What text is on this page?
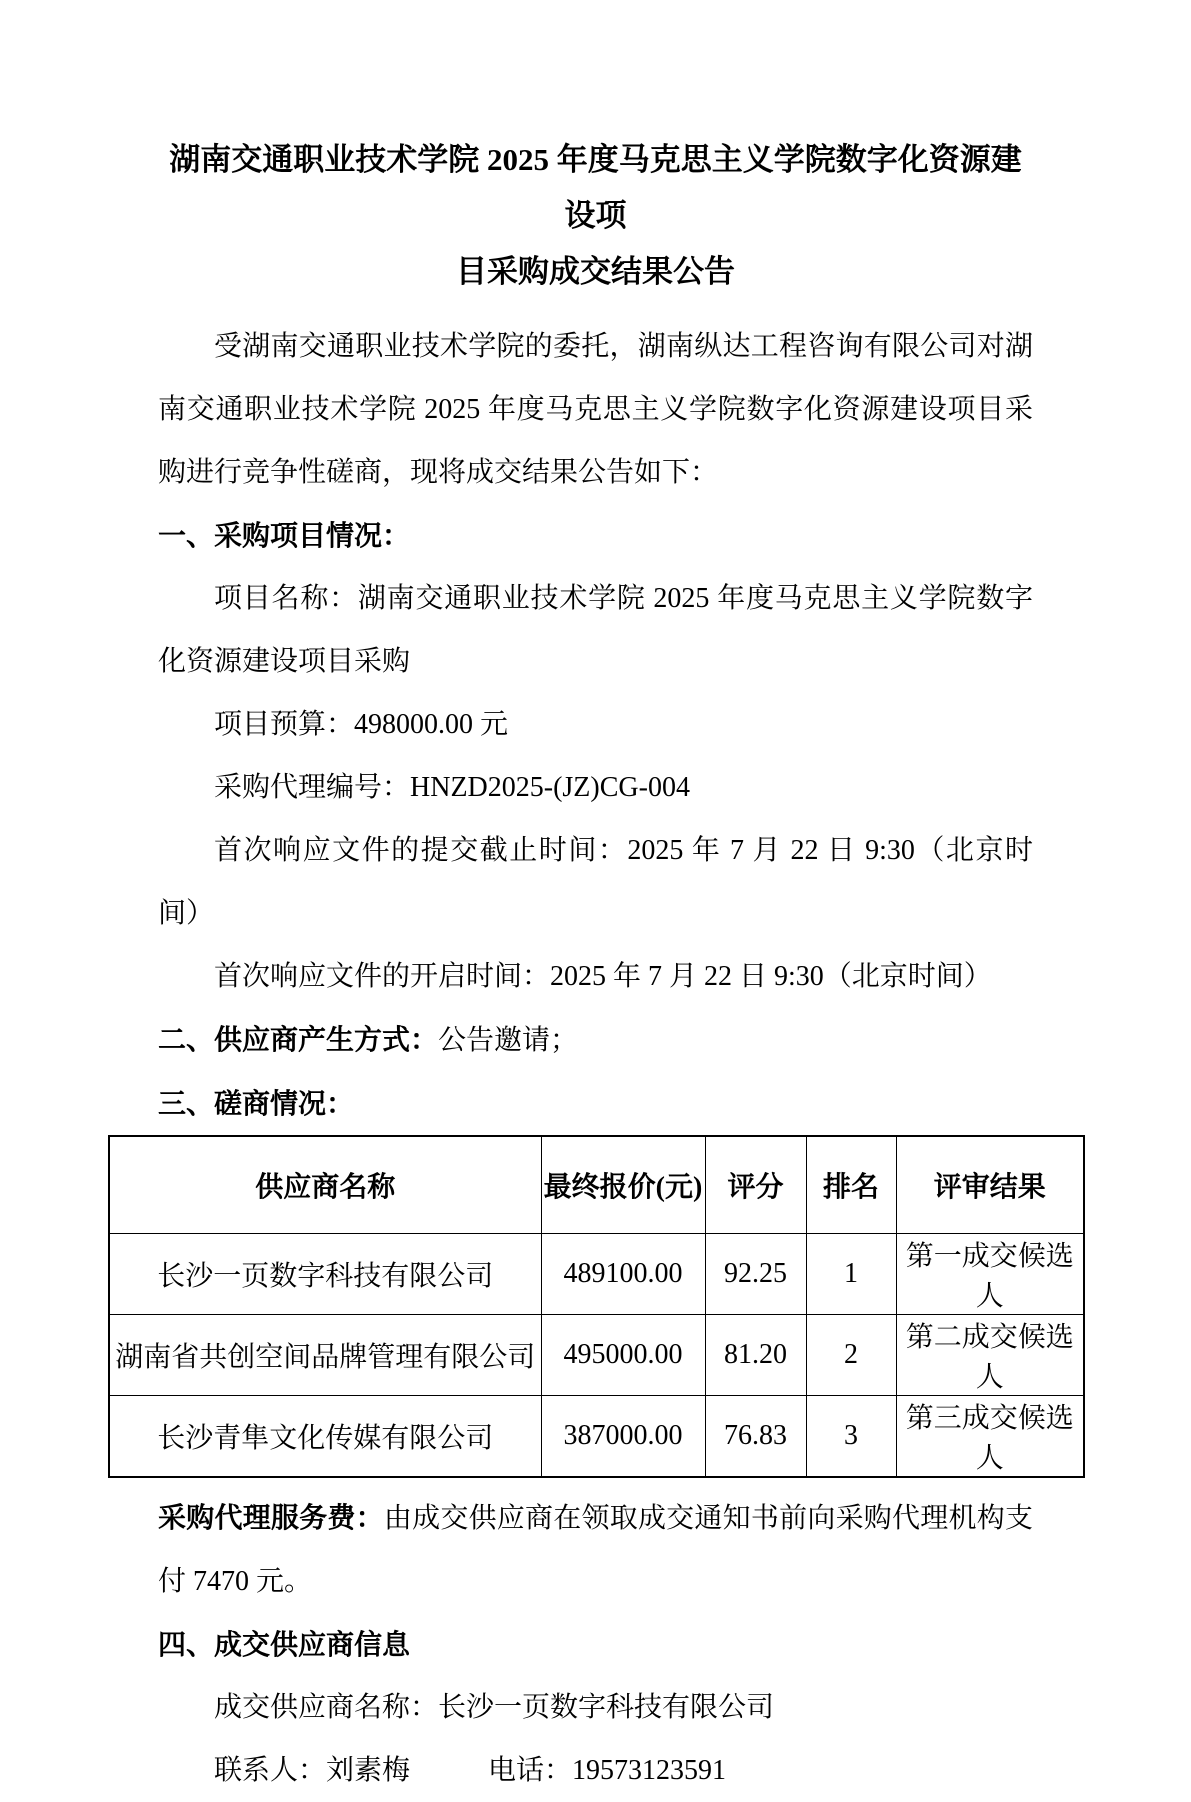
湖南交通职业技术学院 2025 年度马克思主义学院数字化资源建设项
目采购成交结果公告

受湖南交通职业技术学院的委托，湖南纵达工程咨询有限公司对湖南交通职业技术学院 2025 年度马克思主义学院数字化资源建设项目采购进行竞争性磋商，现将成交结果公告如下：

一、采购项目情况：

项目名称：湖南交通职业技术学院 2025 年度马克思主义学院数字化资源建设项目采购

项目预算：498000.00 元

采购代理编号：HNZD2025-(JZ)CG-004

首次响应文件的提交截止时间：2025 年 7 月 22 日 9:30（北京时间）

首次响应文件的开启时间：2025 年 7 月 22 日 9:30（北京时间）

二、供应商产生方式：公告邀请；

三、磋商情况：

供应商名称	最终报价(元)	评分	排名	评审结果
长沙一页数字科技有限公司	489100.00	92.25	1	第一成交候选人
湖南省共创空间品牌管理有限公司	495000.00	81.20	2	第二成交候选人
长沙青隼文化传媒有限公司	387000.00	76.83	3	第三成交候选人

采购代理服务费：由成交供应商在领取成交通知书前向采购代理机构支付 7470 元。

四、成交供应商信息

成交供应商名称：长沙一页数字科技有限公司

联系人：刘素梅	电话：19573123591
